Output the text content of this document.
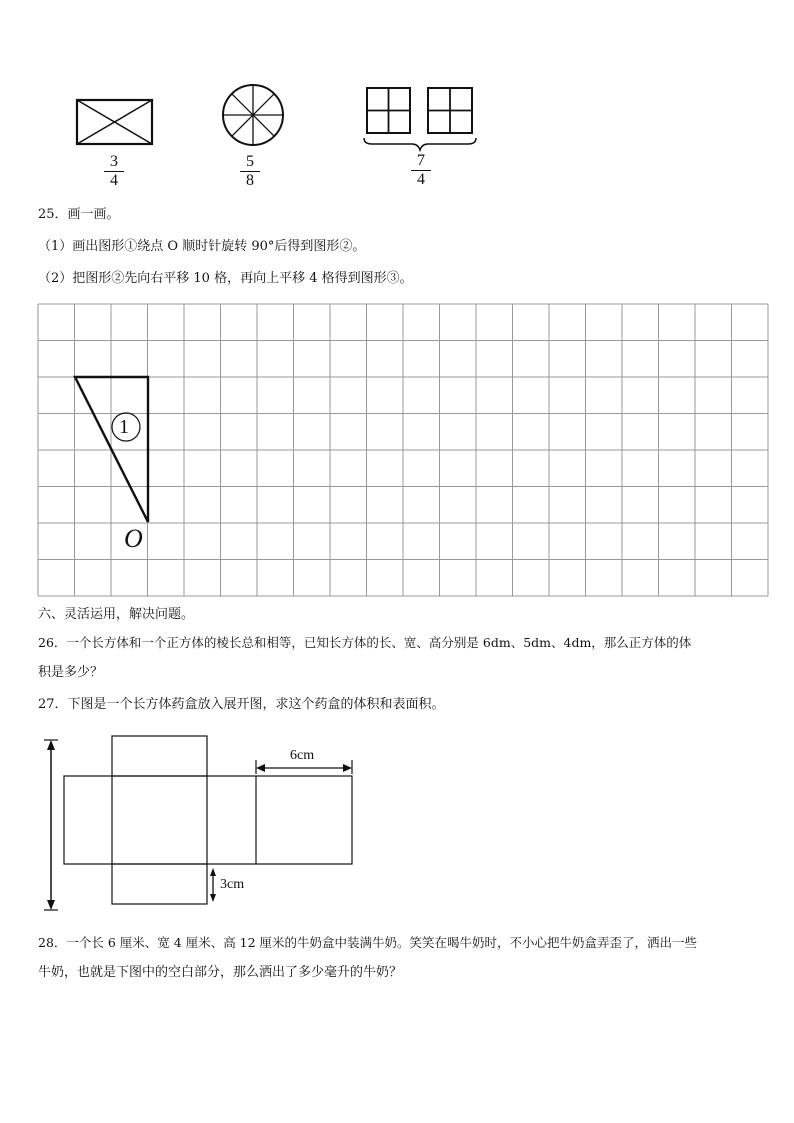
3
4
5
8
7
4
25．画一画。
（1）画出图形①绕点 O 顺时针旋转 90°后得到图形②。
（2）把图形②先向右平移 10 格，再向上平移 4 格得到图形③。
1
O
六、灵活运用，解决问题。
26．一个长方体和一个正方体的棱长总和相等，已知长方体的长、宽、高分别是 6dm、5dm、4dm，那么正方体的体
积是多少？
27．下图是一个长方体药盒放入展开图，求这个药盒的体积和表面积。
6cm
3cm
28．一个长 6 厘米、宽 4 厘米、高 12 厘米的牛奶盒中装满牛奶。笑笑在喝牛奶时，不小心把牛奶盒弄歪了，洒出一些
牛奶，也就是下图中的空白部分，那么洒出了多少毫升的牛奶？
